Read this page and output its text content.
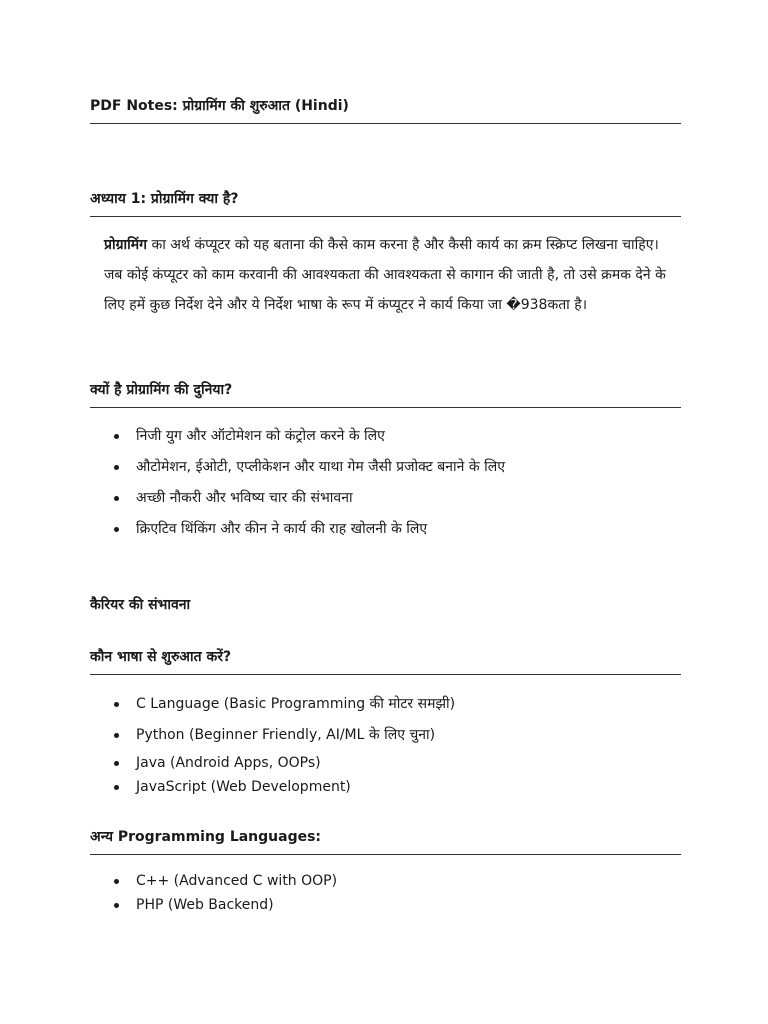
PDF Notes: प्रोग्रामिंग की शुरुआत (Hindi)
अध्याय 1: प्रोग्रामिंग क्या है?
प्रोग्रामिंग का अर्थ कंप्यूटर को यह बताना की कैसे काम करना है और कैसी कार्य का क्रम स्क्रिप्ट लिखना चाहिए। जब कोई कंप्यूटर को काम करवानी की आवश्यकता की आवश्यकता से कागान की जाती है, तो उसे क्रमक देने के लिए हमें कुछ निर्देश देने और ये निर्देश भाषा के रूप में कंप्यूटर ने कार्य किया जा �938कता है।
क्यों है प्रोग्रामिंग की दुनिया?
निजी युग और ऑटोमेशन को कंट्रोल करने के लिए
औटोमेशन, ईओटी, एप्लीकेशन और याथा गेम जैसी प्रजोक्ट बनाने के लिए
अच्छी नौकरी और भविष्य चार की संभावना
क्रिएटिव थिंकिंग और कीन ने कार्य की राह खोलनी के लिए
कैरियर की संभावना
कौन भाषा से शुरुआत करें?
C Language (Basic Programming की मोटर समझी)
Python (Beginner Friendly, AI/ML के लिए चुना)
Java (Android Apps, OOPs)
JavaScript (Web Development)
अन्य Programming Languages:
C++ (Advanced C with OOP)
PHP (Web Backend)
